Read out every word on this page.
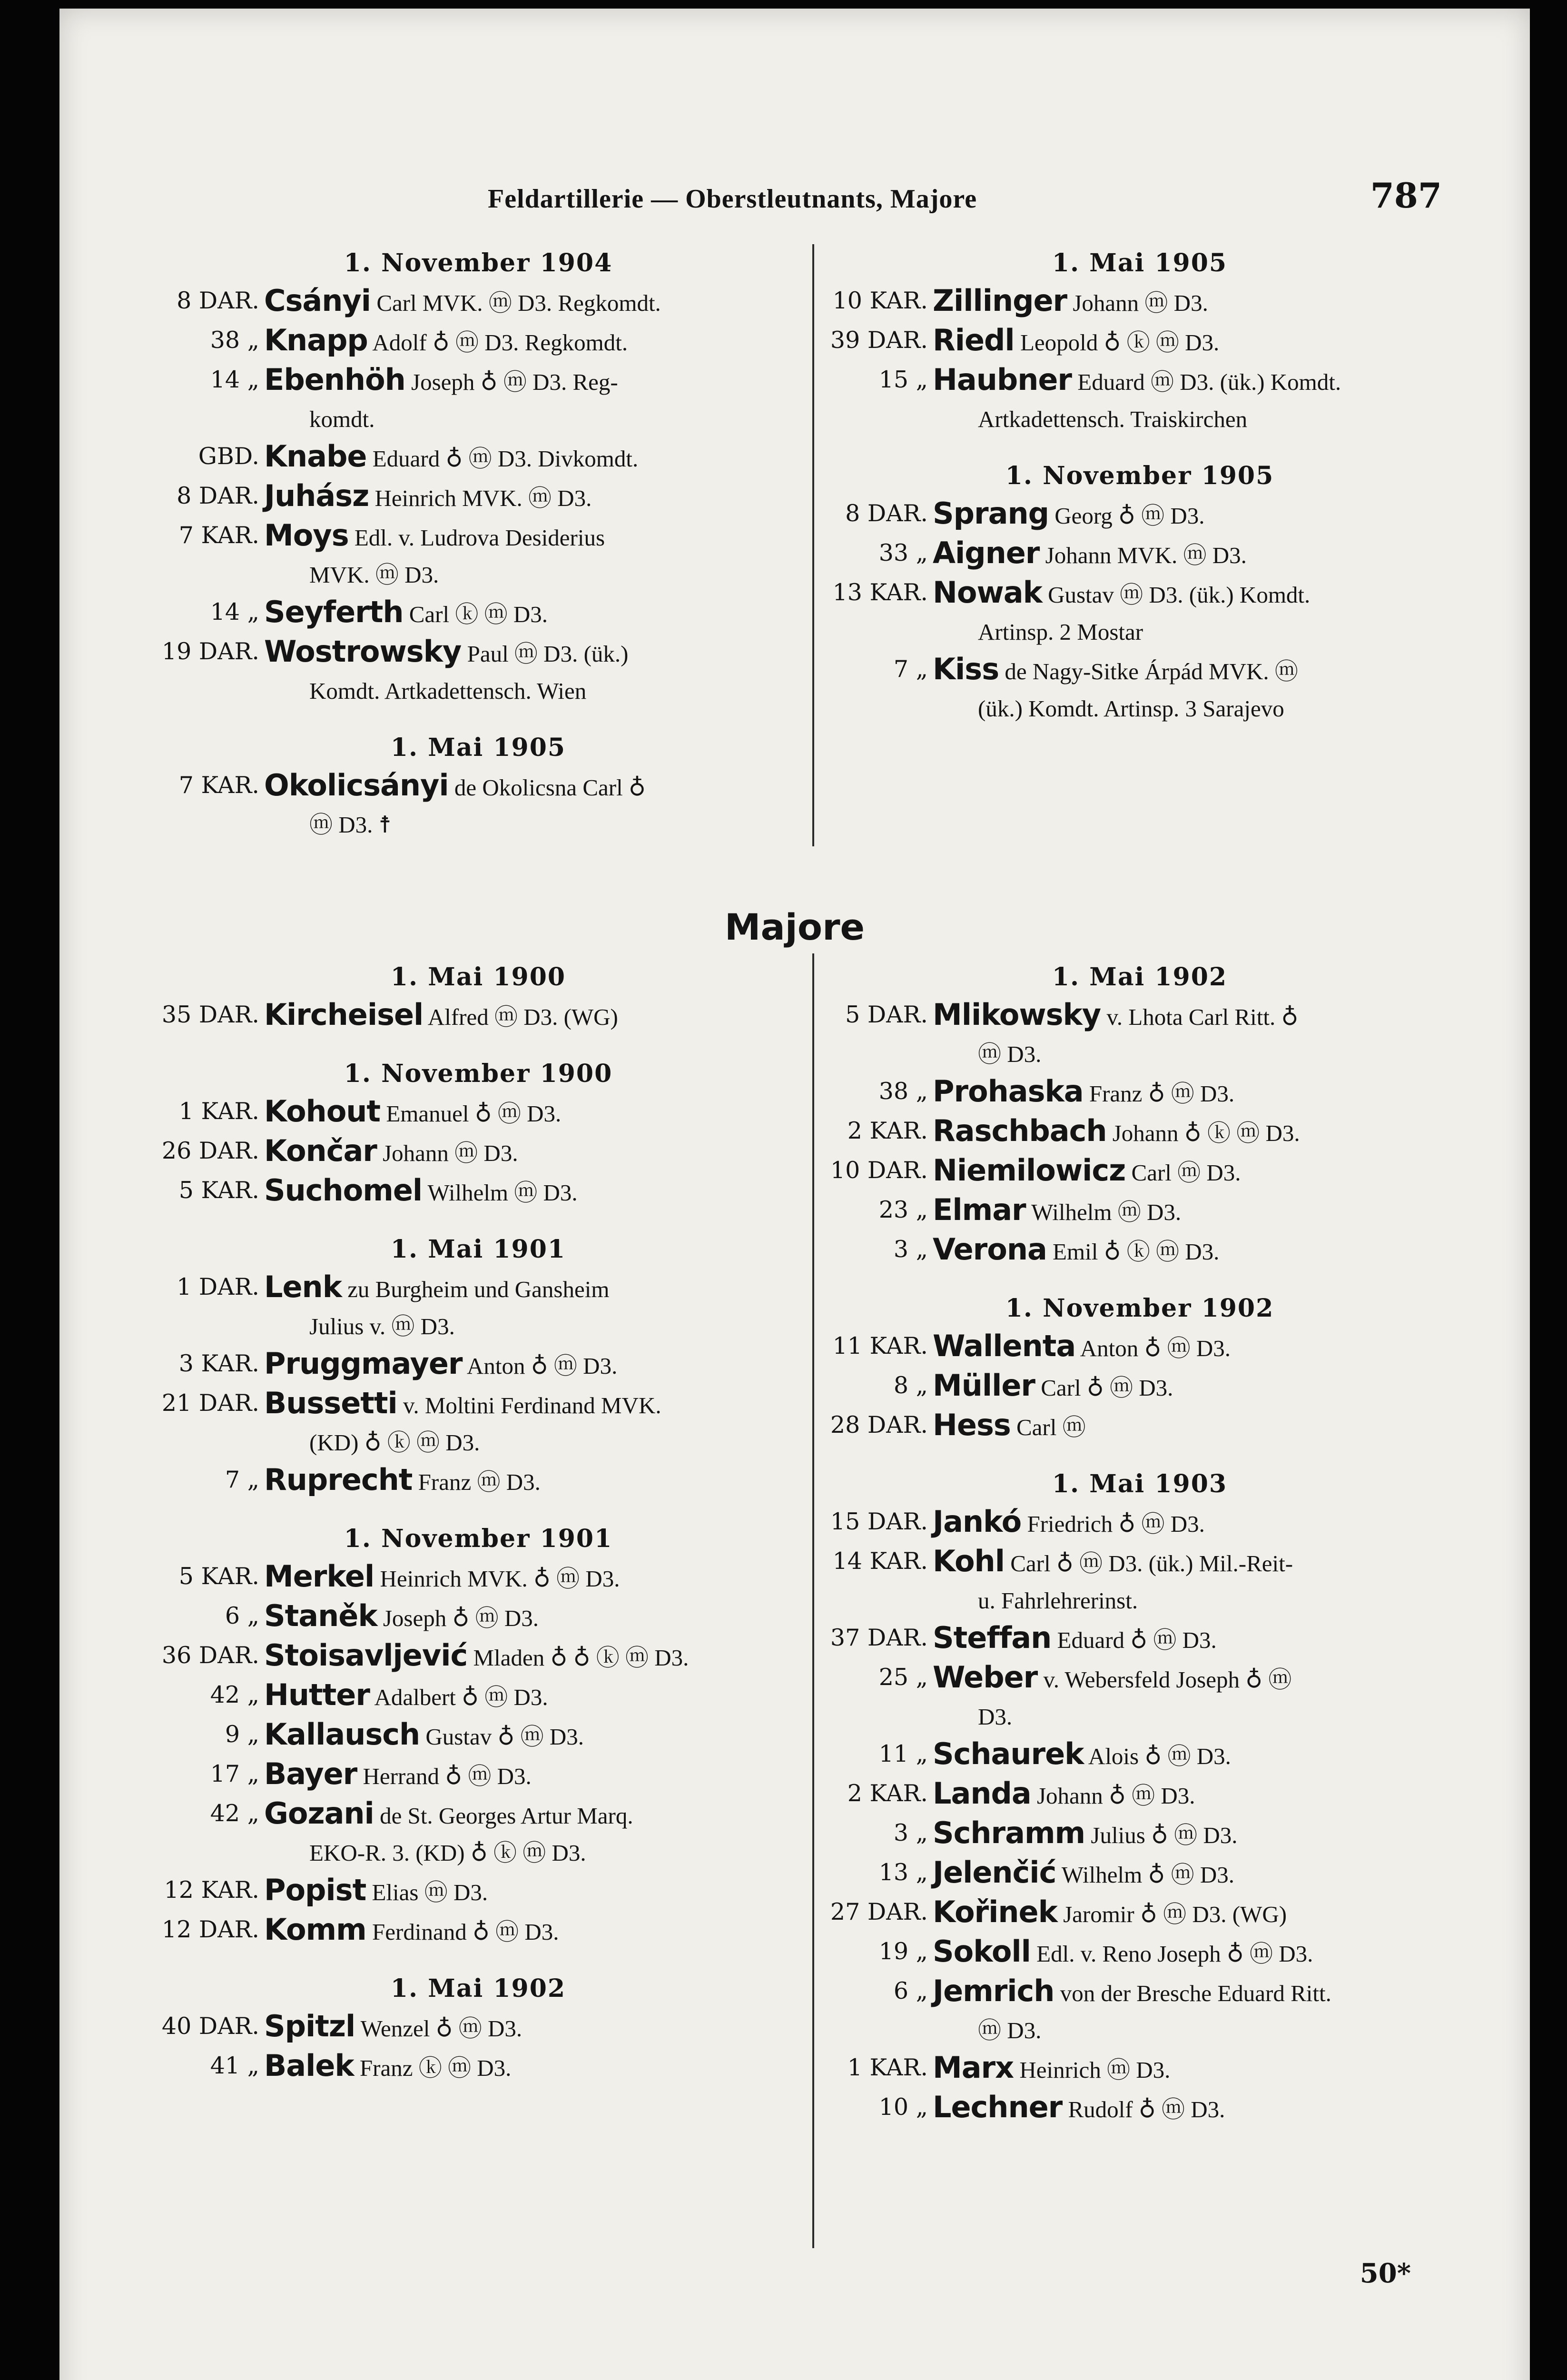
Feldartillerie — Oberstleutnants, Majore	787
1. November 1904
8 DAR. Csányi Carl MVK. ⓜ D3. Regkomdt.
38 „ Knapp Adolf ♁ ⓜ D3. Regkomdt.
14 „ Ebenhöh Joseph ♁ ⓜ D3. Reg-
komdt.
GBD. Knabe Eduard ♁ ⓜ D3. Divkomdt.
8 DAR. Juhász Heinrich MVK. ⓜ D3.
7 KAR. Moys Edl. v. Ludrova Desiderius
MVK. ⓜ D3.
14 „ Seyferth Carl ⓚ ⓜ D3.
19 DAR. Wostrowsky Paul ⓜ D3. (ük.)
Komdt. Artkadettensch. Wien
1. Mai 1905
7 KAR. Okolicsányi de Okolicsna Carl ♁
ⓜ D3. ☨
1. Mai 1905
10 KAR. Zillinger Johann ⓜ D3.
39 DAR. Riedl Leopold ♁ ⓚ ⓜ D3.
15 „ Haubner Eduard ⓜ D3. (ük.) Komdt.
Artkadettensch. Traiskirchen
1. November 1905
8 DAR. Sprang Georg ♁ ⓜ D3.
33 „ Aigner Johann MVK. ⓜ D3.
13 KAR. Nowak Gustav ⓜ D3. (ük.) Komdt.
Artinsp. 2 Mostar
7 „ Kiss de Nagy-Sitke Árpád MVK. ⓜ
(ük.) Komdt. Artinsp. 3 Sarajevo
Majore
1. Mai 1900
35 DAR. Kircheisel Alfred ⓜ D3. (WG)
1. November 1900
1 KAR. Kohout Emanuel ♁ ⓜ D3.
26 DAR. Končar Johann ⓜ D3.
5 KAR. Suchomel Wilhelm ⓜ D3.
1. Mai 1901
1 DAR. Lenk zu Burgheim und Gansheim
Julius v. ⓜ D3.
3 KAR. Pruggmayer Anton ♁ ⓜ D3.
21 DAR. Bussetti v. Moltini Ferdinand MVK.
(KD) ♁ ⓚ ⓜ D3.
7 „ Ruprecht Franz ⓜ D3.
1. November 1901
5 KAR. Merkel Heinrich MVK. ♁ ⓜ D3.
6 „ Staněk Joseph ♁ ⓜ D3.
36 DAR. Stoisavljević Mladen ♁ ♁ ⓚ ⓜ D3.
42 „ Hutter Adalbert ♁ ⓜ D3.
9 „ Kallausch Gustav ♁ ⓜ D3.
17 „ Bayer Herrand ♁ ⓜ D3.
42 „ Gozani de St. Georges Artur Marq.
EKO-R. 3. (KD) ♁ ⓚ ⓜ D3.
12 KAR. Popist Elias ⓜ D3.
12 DAR. Komm Ferdinand ♁ ⓜ D3.
1. Mai 1902
40 DAR. Spitzl Wenzel ♁ ⓜ D3.
41 „ Balek Franz ⓚ ⓜ D3.
1. Mai 1902
5 DAR. Mlikowsky v. Lhota Carl Ritt. ♁
ⓜ D3.
38 „ Prohaska Franz ♁ ⓜ D3.
2 KAR. Raschbach Johann ♁ ⓚ ⓜ D3.
10 DAR. Niemilowicz Carl ⓜ D3.
23 „ Elmar Wilhelm ⓜ D3.
3 „ Verona Emil ♁ ⓚ ⓜ D3.
1. November 1902
11 KAR. Wallenta Anton ♁ ⓜ D3.
8 „ Müller Carl ♁ ⓜ D3.
28 DAR. Hess Carl ⓜ
1. Mai 1903
15 DAR. Jankó Friedrich ♁ ⓜ D3.
14 KAR. Kohl Carl ♁ ⓜ D3. (ük.) Mil.-Reit-
u. Fahrlehrerinst.
37 DAR. Steffan Eduard ♁ ⓜ D3.
25 „ Weber v. Webersfeld Joseph ♁ ⓜ
D3.
11 „ Schaurek Alois ♁ ⓜ D3.
2 KAR. Landa Johann ♁ ⓜ D3.
3 „ Schramm Julius ♁ ⓜ D3.
13 „ Jelenčić Wilhelm ♁ ⓜ D3.
27 DAR. Kořinek Jaromir ♁ ⓜ D3. (WG)
19 „ Sokoll Edl. v. Reno Joseph ♁ ⓜ D3.
6 „ Jemrich von der Bresche Eduard Ritt.
ⓜ D3.
1 KAR. Marx Heinrich ⓜ D3.
10 „ Lechner Rudolf ♁ ⓜ D3.
50*
